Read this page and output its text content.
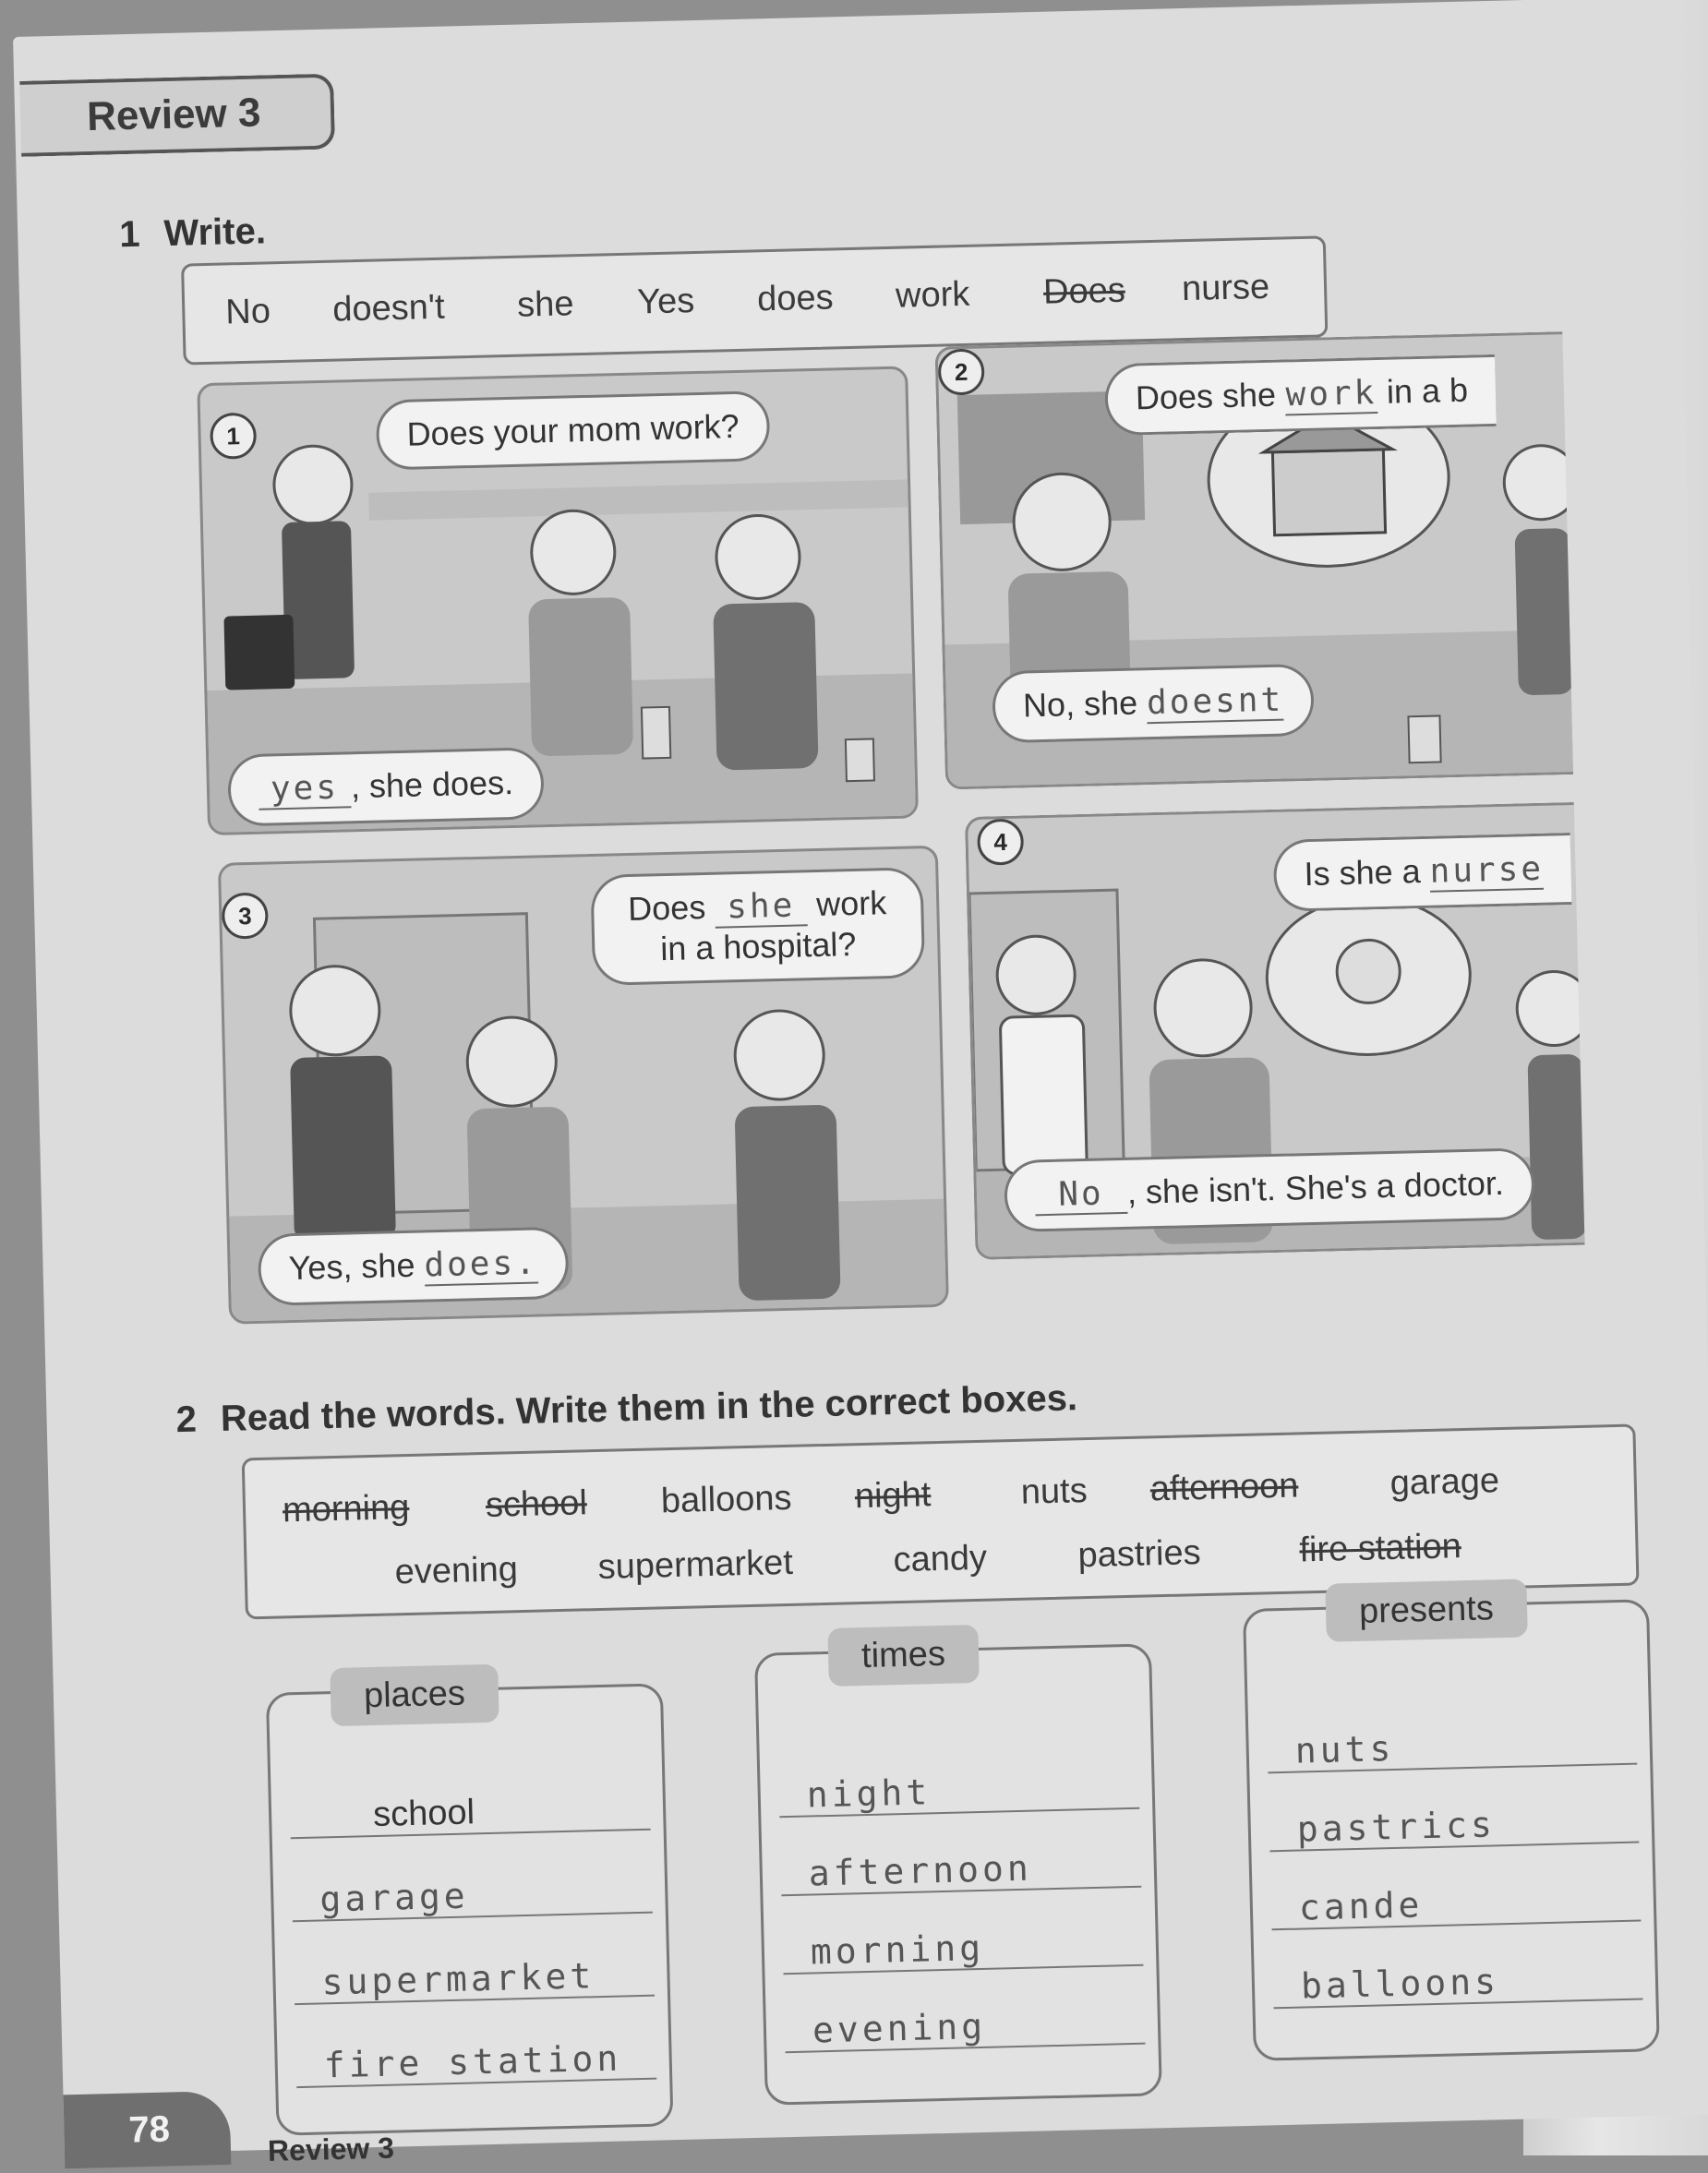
Review 3
1 Write.
No doesn't she Yes does work Does nurse
1	Does your mom work?
yes , she does.
2
Does she work in a b
No, she doesnt
3	Does she work
in a hospital?
Yes, she does.
4
Is she a nurse
No , she isn't. She's a doctor.
2 Read the words. Write them in the correct boxes.
morning school balloons night	nuts afternoon	garage
evening supermarket	candy	pastries	fire station
places
school
garage
supermarket
fire station
times
night
afternoon
morning
evening
presents
nuts
pastrics
cande
balloons
78	Review 3
